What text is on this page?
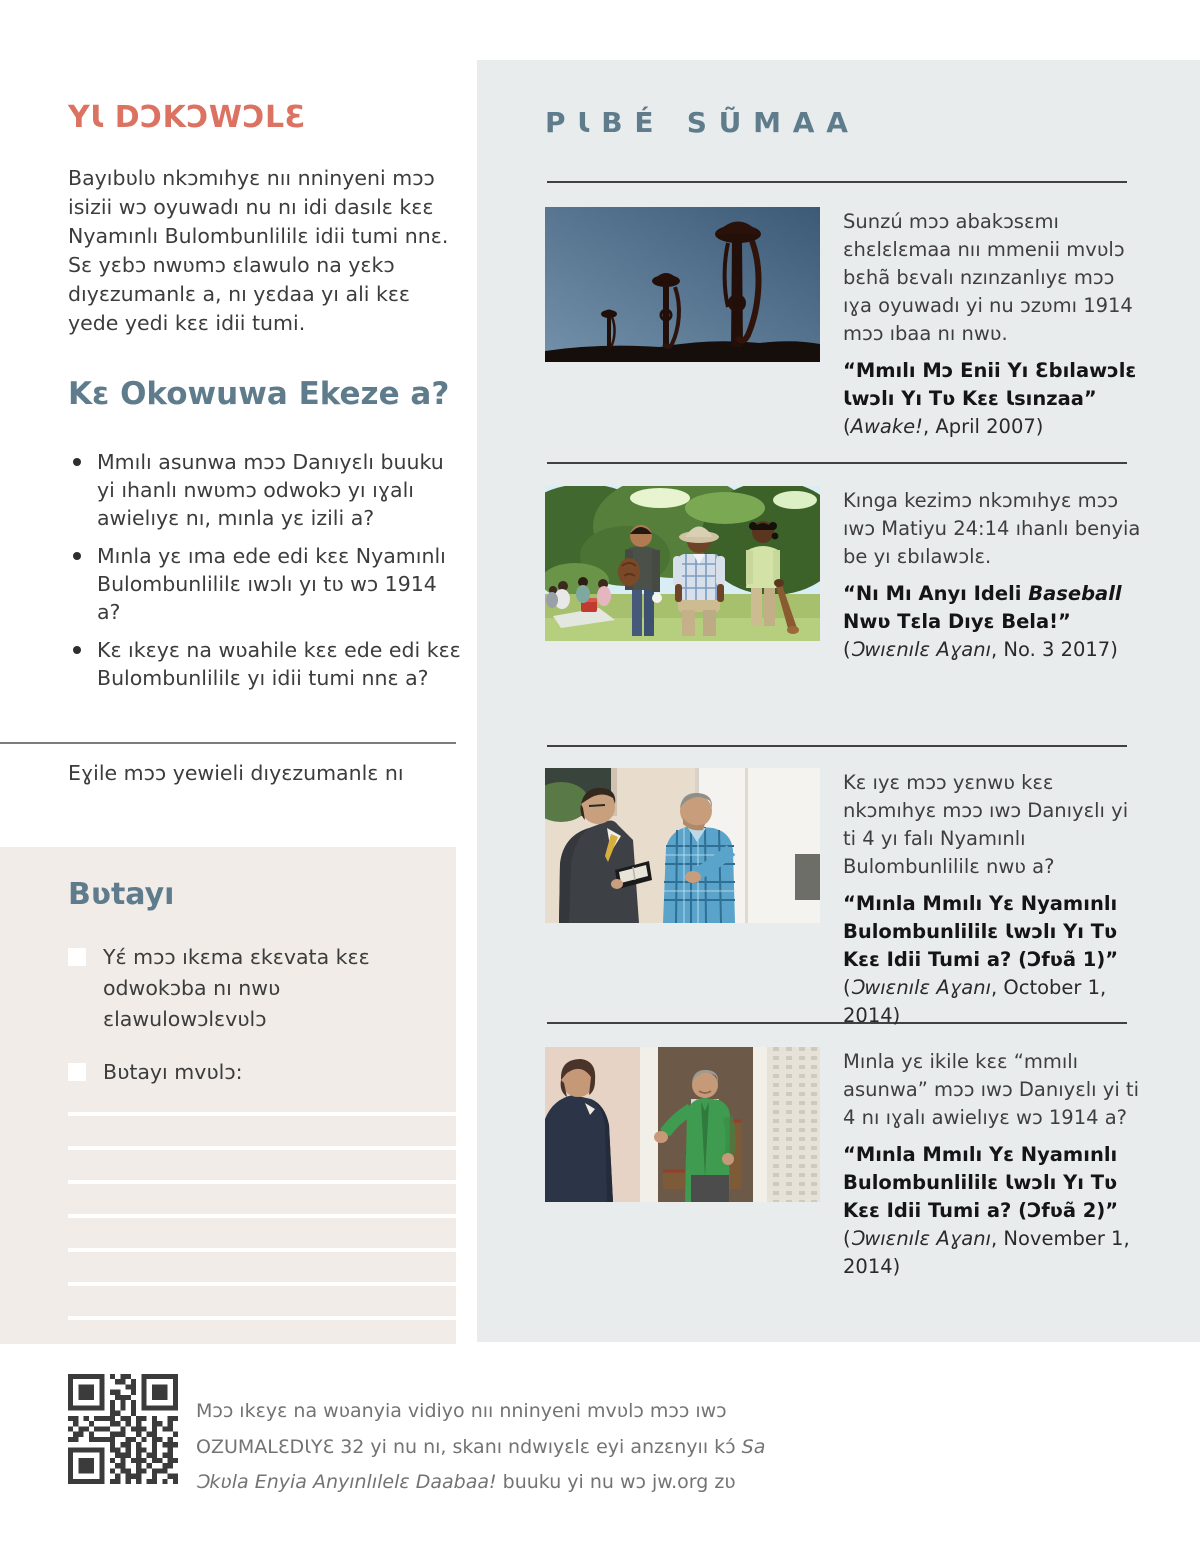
YƖ DƆKƆWƆLƐ

Bayıbʋlʋ nkɔmıhyɛ nıı nninyeni mɔɔ isizii wɔ oyuwadı nu nı idi dasılɛ kɛɛ Nyamınlı Bulombunlililɛ idii tumi nnɛ. Sɛ yɛbɔ nwʋmɔ ɛlawulo na yɛkɔ dıyɛzumanlɛ a, nı yɛdaa yı ali kɛɛ yede yedi kɛɛ idii tumi.

Kɛ Okowuwa Ekeze a?
Mmılı asunwa mɔɔ Danıyɛlı buuku yi ıhanlı nwʋmɔ odwokɔ yı ıɣalı awielıyɛ nı, mınla yɛ izili a?
Mınla yɛ ıma ede edi kɛɛ Nyamınlı Bulombunlililɛ ıwɔlı yı tʋ wɔ 1914 a?
Kɛ ıkɛyɛ na wʋahile kɛɛ ede edi kɛɛ Bulombunlililɛ yı idii tumi nnɛ a?

Eɣile mɔɔ yewieli dıyɛzumanlɛ nı

Bʋtayı
Yɛ́ mɔɔ ıkɛma ɛkɛvata kɛɛ odwokɔba nı nwʋ ɛlawulowɔlɛvʋlɔ
Bʋtayı mvʋlɔ:
PƖBÉ SŨMAA

Sunzú mɔɔ abakɔsɛmı ɛhɛlɛlɛmaa nıı mmenii mvʋlɔ bɛhã bɛvalı nzınzanlıyɛ mɔɔ ıɣa oyuwadı yi nu ɔzʋmı 1914 mɔɔ ıbaa nı nwʋ.

“Mmılı Mɔ Enii Yı Ɛbılawɔlɛ Ɩwɔlı Yı Tʋ Kɛɛ Ɩsınzaa” (Awake!, April 2007)

Kınga kezimɔ nkɔmıhyɛ mɔɔ ıwɔ Matiyu 24:14 ıhanlı benyia be yı ɛbılawɔlɛ.

“Nı Mı Anyı Ideli Baseball Nwʋ Tɛla Dıyɛ Bela!” (Ɔwıɛnılɛ Aɣanı, No. 3 2017)

Kɛ ıyɛ mɔɔ yɛnwʋ kɛɛ nkɔmıhyɛ mɔɔ ıwɔ Danıyɛlı yi ti 4 yı falı Nyamınlı Bulombunlililɛ nwʋ a?

“Mınla Mmılı Yɛ Nyamınlı Bulombunlililɛ Ɩwɔlı Yı Tʋ Kɛɛ Idii Tumi a? (Ɔfʋã 1)” (Ɔwıɛnılɛ Aɣanı, October 1, 2014)

Mınla yɛ ikile kɛɛ “mmılı asunwa” mɔɔ ıwɔ Danıyɛlı yi ti 4 nı ıɣalı awielıyɛ wɔ 1914 a?

“Mınla Mmılı Yɛ Nyamınlı Bulombunlililɛ Ɩwɔlı Yı Tʋ Kɛɛ Idii Tumi a? (Ɔfʋã 2)” (Ɔwıɛnılɛ Aɣanı, November 1, 2014)

Mɔɔ ıkɛyɛ na wʋanyia vidiyo nıı nninyeni mvʋlɔ mɔɔ ıwɔ OZUMALƐDƖYƐ 32 yi nu nı, skanı ndwıyɛlɛ eyi anzɛnyıı kɔ́ Sa Ɔkʋla Enyia Anyınlılelɛ Daabaa! buuku yi nu wɔ jw.org zʋ
